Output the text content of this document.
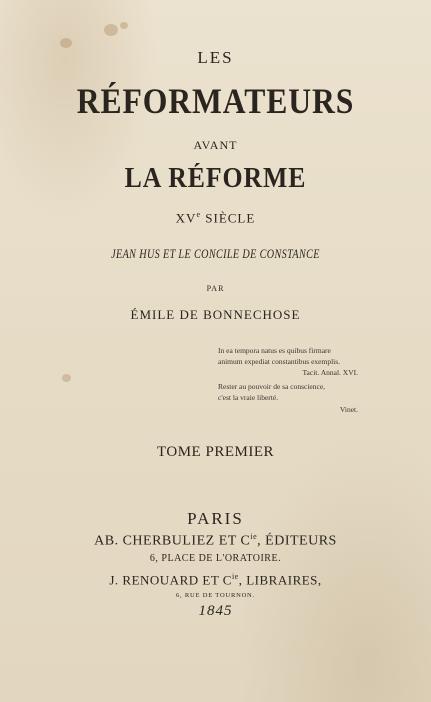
LES
RÉFORMATEURS
AVANT
LA RÉFORME
XVe SIÈCLE
JEAN HUS ET LE CONCILE DE CONSTANCE
PAR
ÉMILE DE BONNECHOSE
In ea tempora natus es quibus firmare
animum expediat constantibus exemplis.
Tacit. Annal. XVI.
Rester au pouvoir de sa conscience,
c'est la vraie liberté.
Vinet.
TOME PREMIER
PARIS
AB. CHERBULIEZ ET $C^{ie}$, ÉDITEURS
6, PLACE DE L'ORATOIRE.
J. RENOUARD ET $C^{ie}$, LIBRAIRES,
6, RUE DE TOURNON.
1845
